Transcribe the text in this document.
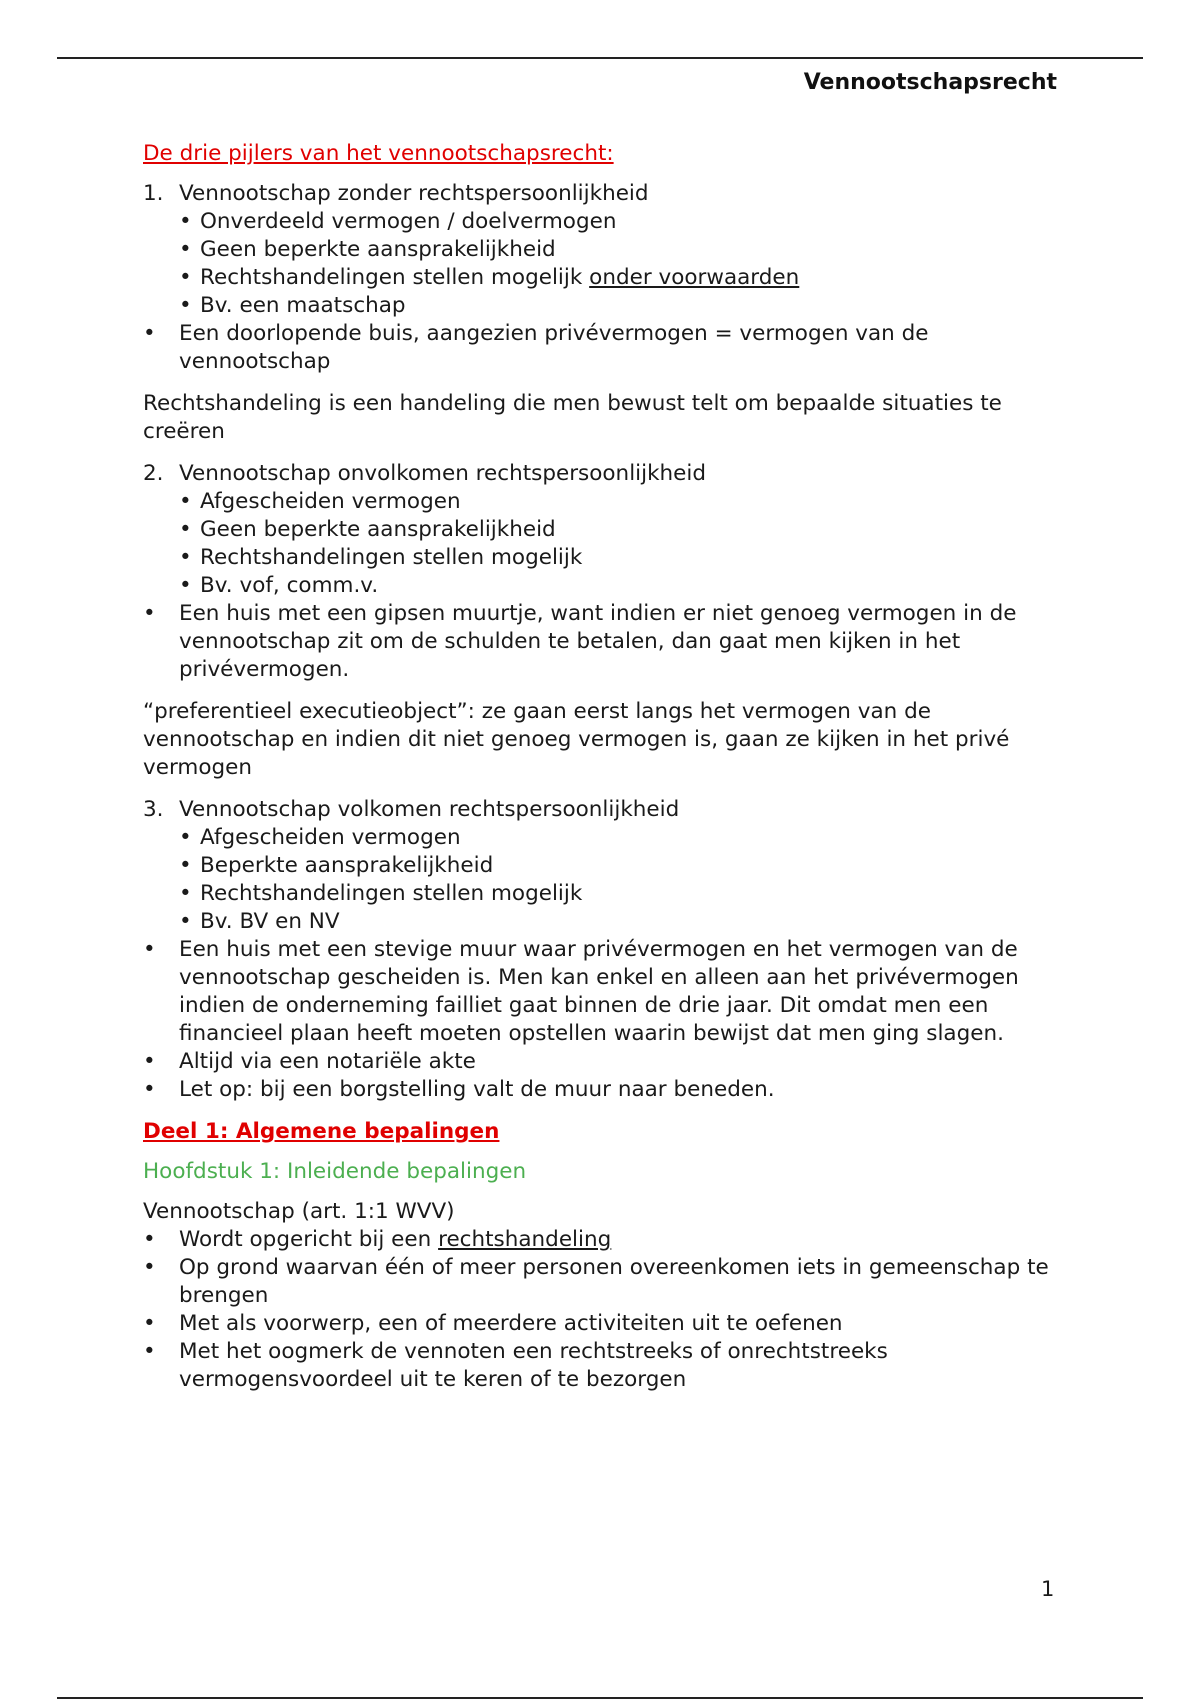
Vennootschapsrecht

De drie pijlers van het vennootschapsrecht:

1. Vennootschap zonder rechtspersoonlijkheid
• Onverdeeld vermogen / doelvermogen
• Geen beperkte aansprakelijkheid
• Rechtshandelingen stellen mogelijk onder voorwaarden
• Bv. een maatschap
•	Een doorlopende buis, aangezien privévermogen = vermogen van de vennootschap

Rechtshandeling is een handeling die men bewust telt om bepaalde situaties te creëren

2. Vennootschap onvolkomen rechtspersoonlijkheid
• Afgescheiden vermogen
• Geen beperkte aansprakelijkheid
• Rechtshandelingen stellen mogelijk
• Bv. vof, comm.v.
•	Een huis met een gipsen muurtje, want indien er niet genoeg vermogen in de vennootschap zit om de schulden te betalen, dan gaat men kijken in het privévermogen.

“preferentieel executieobject”: ze gaan eerst langs het vermogen van de vennootschap en indien dit niet genoeg vermogen is, gaan ze kijken in het privé vermogen

3. Vennootschap volkomen rechtspersoonlijkheid
• Afgescheiden vermogen
• Beperkte aansprakelijkheid
• Rechtshandelingen stellen mogelijk
• Bv. BV en NV
•	Een huis met een stevige muur waar privévermogen en het vermogen van de vennootschap gescheiden is. Men kan enkel en alleen aan het privévermogen indien de onderneming failliet gaat binnen de drie jaar. Dit omdat men een financieel plaan heeft moeten opstellen waarin bewijst dat men ging slagen.
•	Altijd via een notariële akte
•	Let op: bij een borgstelling valt de muur naar beneden.

Deel 1: Algemene bepalingen

Hoofdstuk 1: Inleidende bepalingen

Vennootschap (art. 1:1 WVV)

•	Wordt opgericht bij een rechtshandeling
•	Op grond waarvan één of meer personen overeenkomen iets in gemeenschap te brengen
•	Met als voorwerp, een of meerdere activiteiten uit te oefenen
•	Met het oogmerk de vennoten een rechtstreeks of onrechtstreeks vermogensvoordeel uit te keren of te bezorgen
1
